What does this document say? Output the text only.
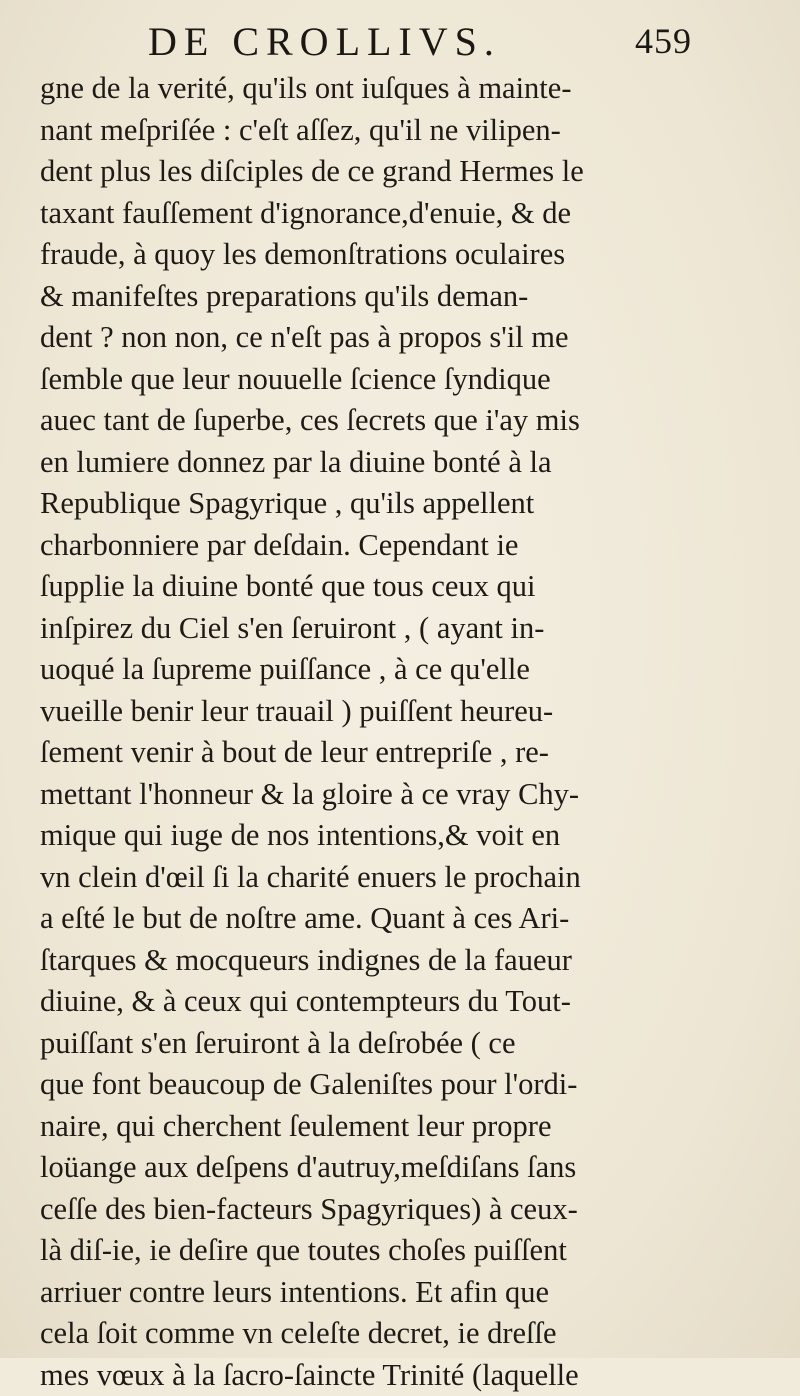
DE CROLLIVS.	459
gne de la verité, qu'ils ont iuſques à mainte-
nant meſpriſée : c'eſt aſſez, qu'il ne vilipen-
dent plus les diſciples de ce grand Hermes le
taxant fauſſement d'ignorance,d'enuie, & de
fraude, à quoy les demonſtrations oculaires
& manifeſtes preparations qu'ils deman-
dent ? non non, ce n'eſt pas à propos s'il me
ſemble que leur nouuelle ſcience ſyndique
auec tant de ſuperbe, ces ſecrets que i'ay mis
en lumiere donnez par la diuine bonté à la
Republique Spagyrique , qu'ils appellent
charbonniere par deſdain. Cependant ie
ſupplie la diuine bonté que tous ceux qui
inſpirez du Ciel s'en ſeruiront , ( ayant in-
uoqué la ſupreme puiſſance , à ce qu'elle
vueille benir leur trauail ) puiſſent heureu-
ſement venir à bout de leur entrepriſe , re-
mettant l'honneur & la gloire à ce vray Chy-
mique qui iuge de nos intentions,& voit en
vn clein d'œil ſi la charité enuers le prochain
a eſté le but de noſtre ame. Quant à ces Ari-
ſtarques & mocqueurs indignes de la faueur
diuine, & à ceux qui contempteurs du Tout-
puiſſant s'en ſeruiront à la deſrobée ( ce
que font beaucoup de Galeniſtes pour l'ordi-
naire, qui cherchent ſeulement leur propre
loüange aux deſpens d'autruy,meſdiſans ſans
ceſſe des bien-facteurs Spagyriques) à ceux-
là diſ-ie, ie deſire que toutes choſes puiſſent
arriuer contre leurs intentions. Et afin que
cela ſoit comme vn celeſte decret, ie dreſſe
mes vœux à la ſacro-ſaincte Trinité (laquelle
